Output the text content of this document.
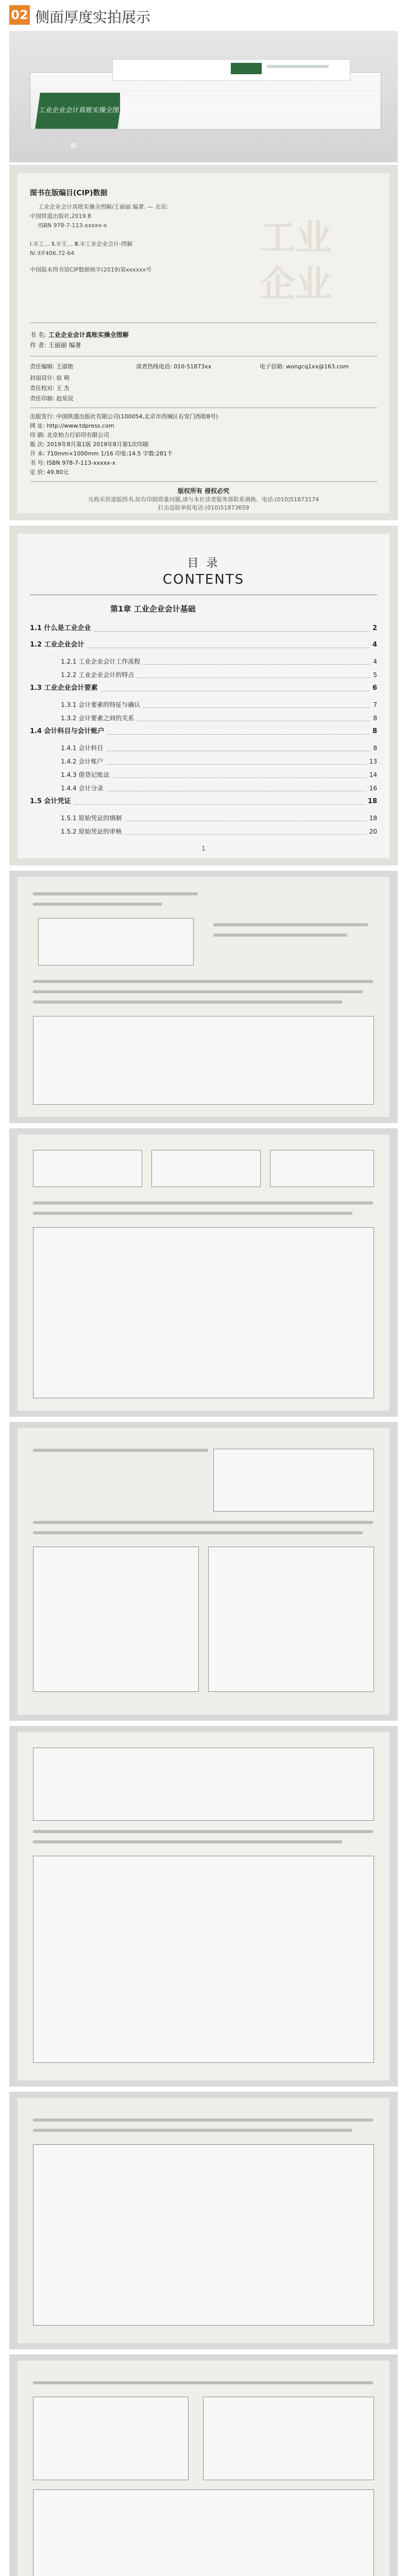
02 侧面厚度实拍展示
工业企业会计真账实操全图解
图书在版编目(CIP)数据
工业企业会计真账实操全图解/王丽丽 编著. — 北京:
中国铁道出版社,2019.8
ISBN 978-7-113-xxxxx-x
Ⅰ.①工… Ⅱ.①王… Ⅲ.①工业企业会计-图解
Ⅳ.①F406.72-64
中国版本图书馆CIP数据核字(2019)第xxxxxx号
工业
企业
书 名: 工业企业会计真账实操全图解
作 者: 王丽丽 编著
责任编辑: 王淑艳	读者热线电话: 010-51873xx	电子信箱: wongcq1xx@163.com
封面设计: 宿 萌
责任校对: 王 杰
责任印制: 赵星辰
出版发行: 中国铁道出版社有限公司(100054,北京市西城区右安门西街8号)
网 址: http://www.tdpress.com
印 刷: 北京柏力行彩印有限公司
版 次: 2019年8月第1版 2019年8月第1次印刷
开 本: 710mm×1000mm 1/16 印张:14.5 字数:281千
书 号: ISBN 978-7-113-xxxxx-x
定 价: 49.80元
版权所有 侵权必究
凡购买铁道版图书,如有印制质量问题,请与本社读者服务部联系调换。电话:(010)51873174
打击盗版举报电话:(010)51873659
目 录
CONTENTS
第1章 工业企业会计基础
1.1 什么是工业企业	2
1.2 工业企业会计	4
1.2.1 工业企业会计工作流程	4
1.2.2 工业企业会计的特点	5
1.3 工业企业会计要素	6
1.3.1 会计要素的特征与确认	7
1.3.2 会计要素之间的关系	8
1.4 会计科目与会计账户	8
1.4.1 会计科目	8
1.4.2 会计账户	13
1.4.3 借贷记账法	14
1.4.4 会计分录	16
1.5 会计凭证	18
1.5.1 原始凭证的填制	18
1.5.2 原始凭证的审核	20
1
